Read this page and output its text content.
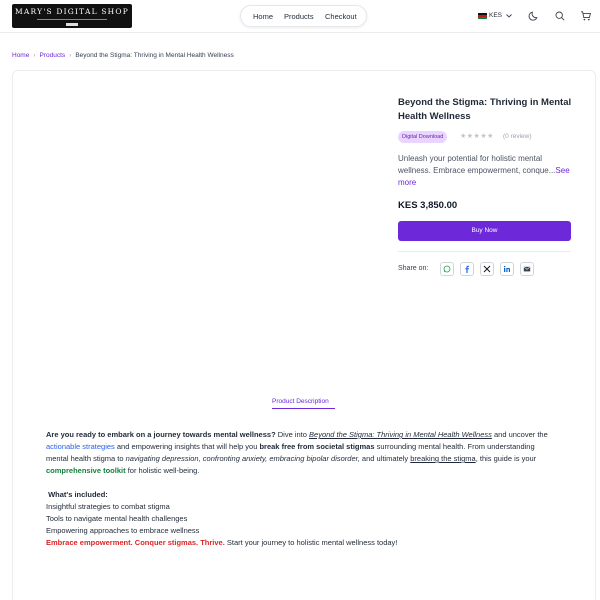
MARY'S DIGITAL SHOP
Home Products Checkout	KES
Home › Products › Beyond the Stigma: Thriving in Mental Health Wellness
Beyond the Stigma: Thriving in Mental Health Wellness
Digital Download	★★★★★ (0 review)
Unleash your potential for holistic mental wellness. Embrace empowerment, conque...See more
KES 3,850.00
Buy Now
Share on:
Product Description
Are you ready to embark on a journey towards mental wellness? Dive into Beyond the Stigma: Thriving in Mental Health Wellness and uncover the actionable strategies and empowering insights that will help you break free from societal stigmas surrounding mental health. From understanding mental health stigma to navigating depression, confronting anxiety, embracing bipolar disorder, and ultimately breaking the stigma, this guide is your comprehensive toolkit for holistic well-being.
What's included:
Insightful strategies to combat stigma
Tools to navigate mental health challenges
Empowering approaches to embrace wellness
Embrace empowerment. Conquer stigmas. Thrive. Start your journey to holistic mental wellness today!
